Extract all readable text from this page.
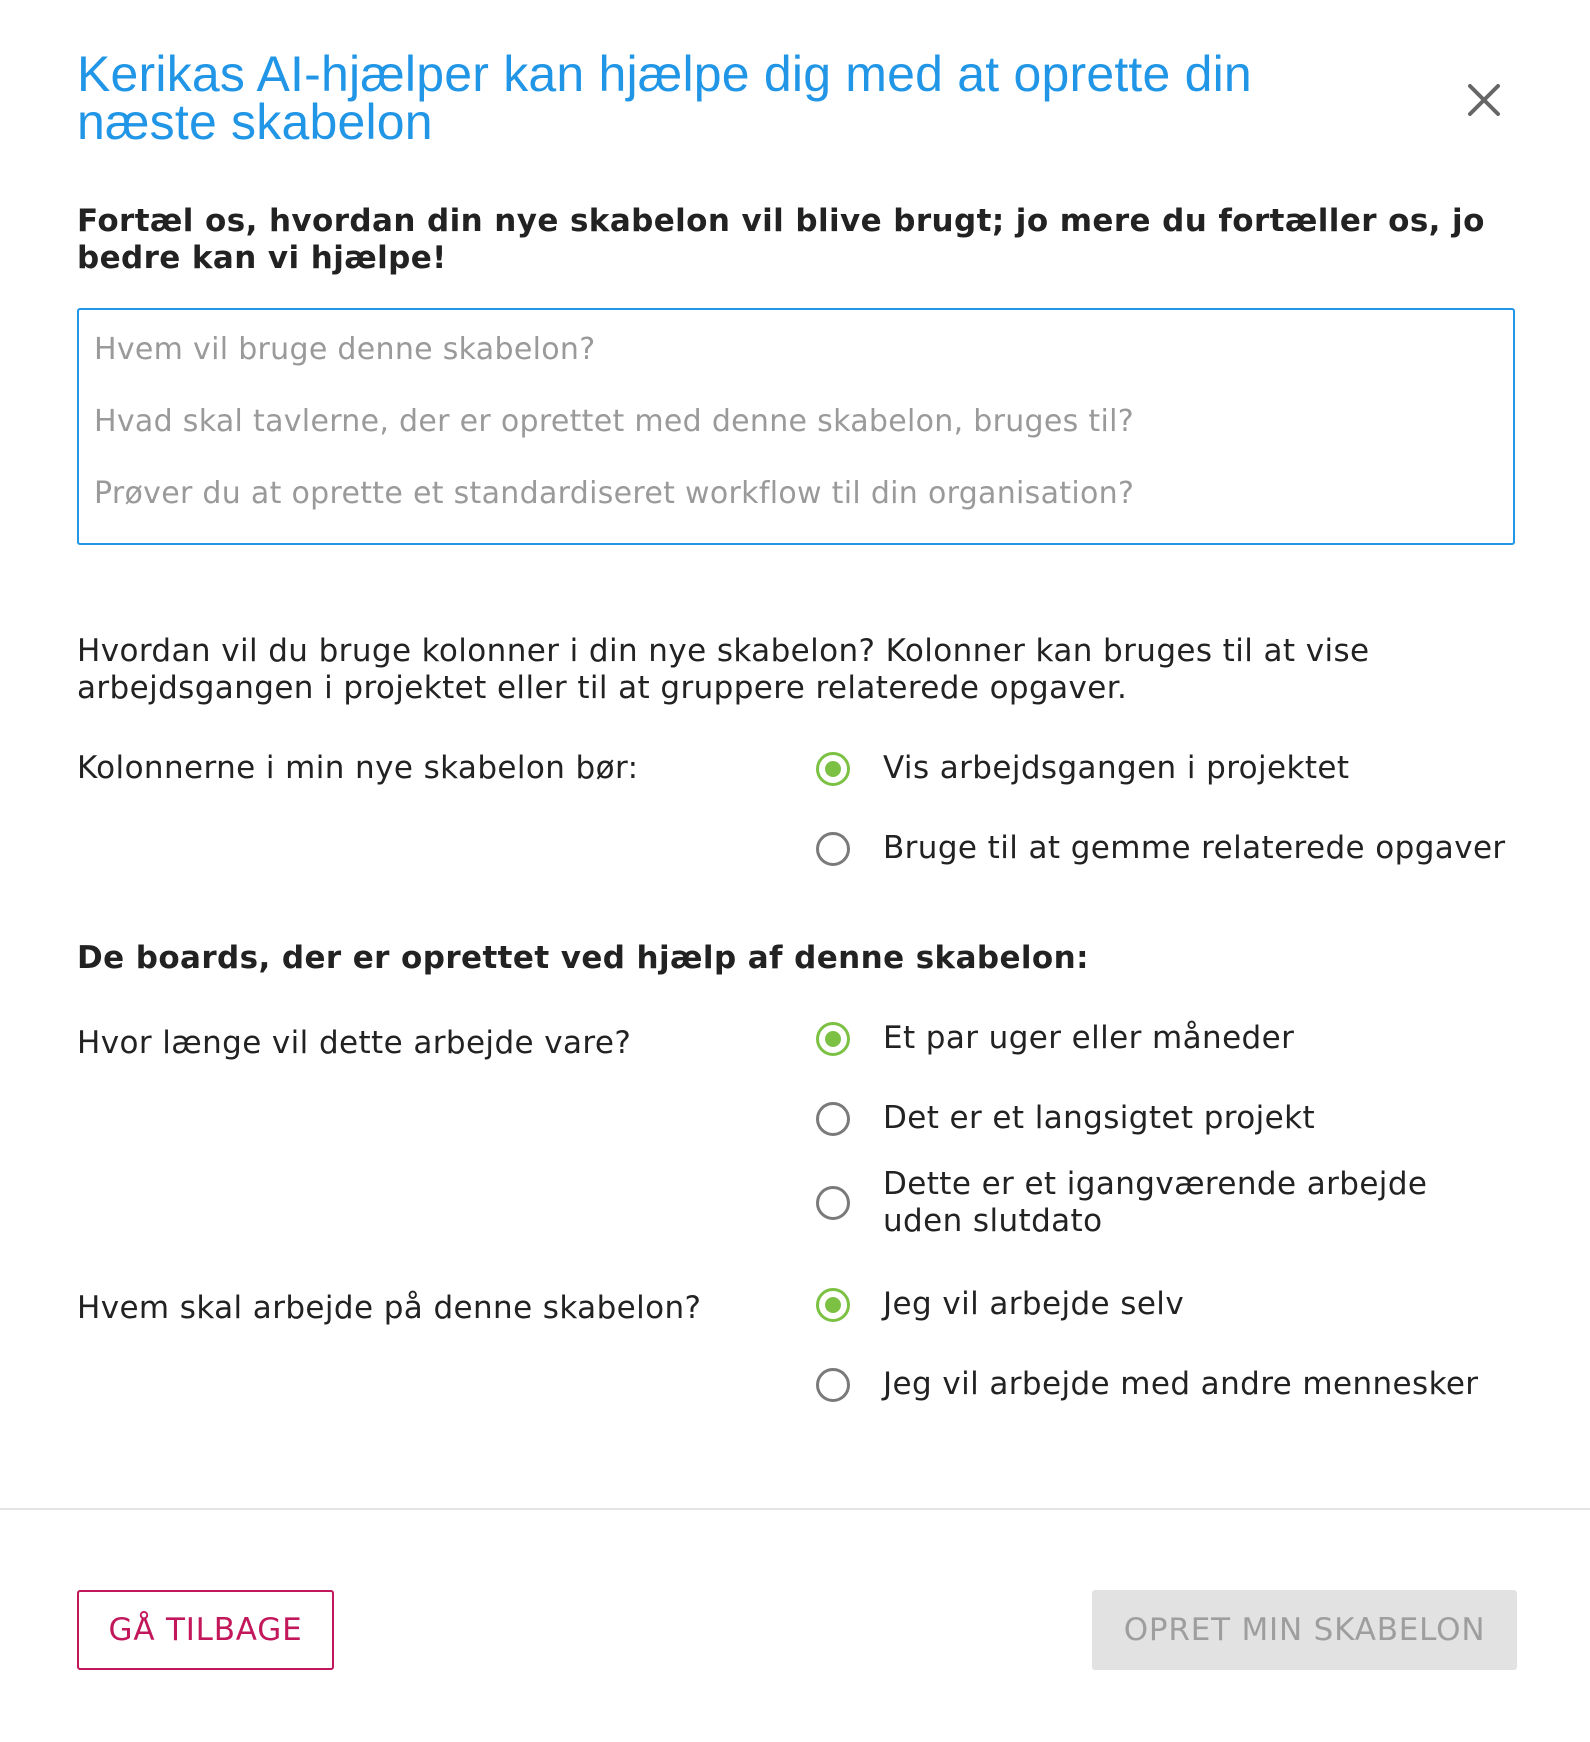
Kerikas AI-hjælper kan hjælpe dig med at oprette din næste skabelon

Fortæl os, hvordan din nye skabelon vil blive brugt; jo mere du fortæller os, jo bedre kan vi hjælpe!

Hvem vil bruge denne skabelon?
Hvad skal tavlerne, der er oprettet med denne skabelon, bruges til?
Prøver du at oprette et standardiseret workflow til din organisation?

Hvordan vil du bruge kolonner i din nye skabelon? Kolonner kan bruges til at vise arbejdsgangen i projektet eller til at gruppere relaterede opgaver.

Kolonnerne i min nye skabelon bør:	Vis arbejdsgangen i projektet
Bruge til at gemme relaterede opgaver
De boards, der er oprettet ved hjælp af denne skabelon:
Hvor længe vil dette arbejde vare?	Et par uger eller måneder
Det er et langsigtet projekt
Dette er et igangværende arbejde uden slutdato
Hvem skal arbejde på denne skabelon?	Jeg vil arbejde selv
Jeg vil arbejde med andre mennesker
GÅ TILBAGE	OPRET MIN SKABELON
